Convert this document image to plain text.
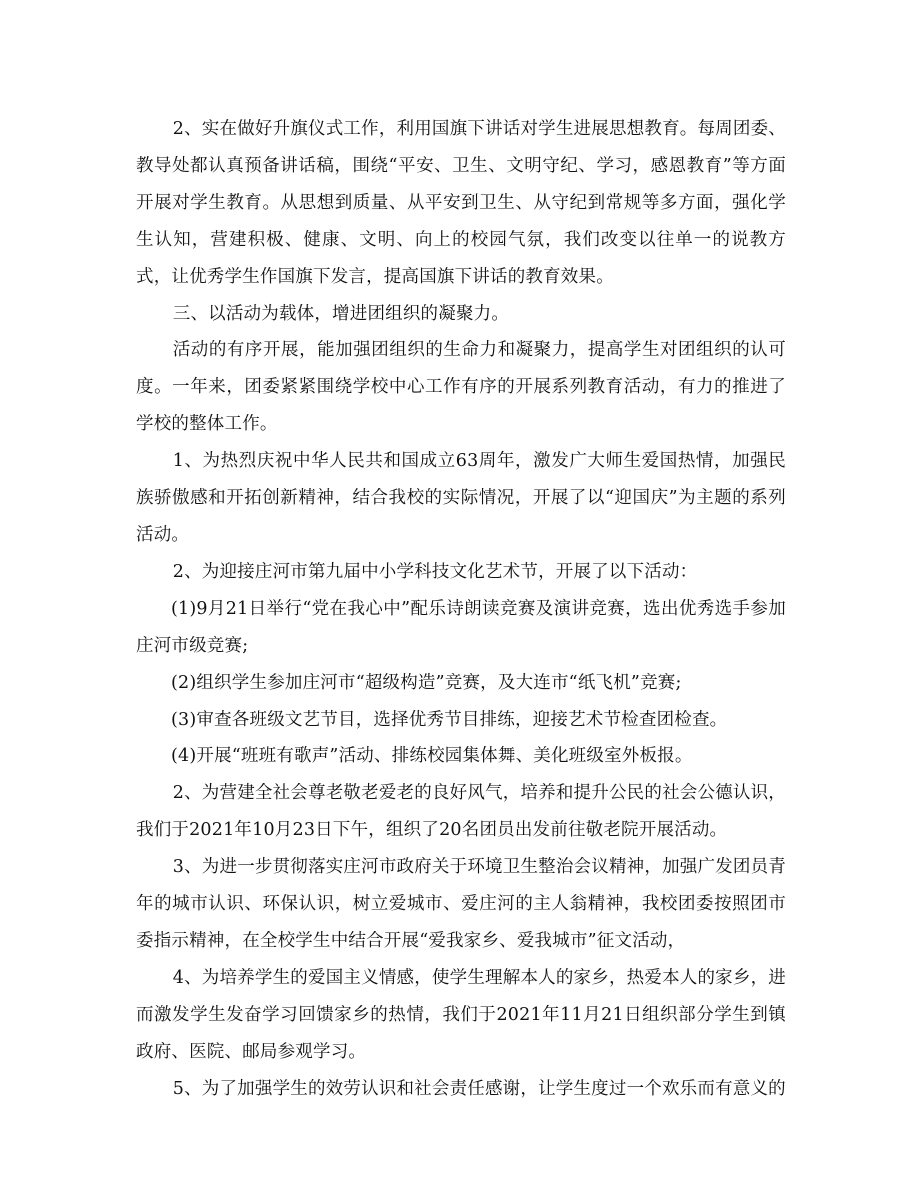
2、实在做好升旗仪式工作，利用国旗下讲话对学生进展思想教育。每周团委、教导处都认真预备讲话稿，围绕“平安、卫生、文明守纪、学习，感恩教育”等方面开展对学生教育。从思想到质量、从平安到卫生、从守纪到常规等多方面，强化学生认知，营建积极、健康、文明、向上的校园气氛，我们改变以往单一的说教方式，让优秀学生作国旗下发言，提高国旗下讲话的教育效果。

三、以活动为载体，增进团组织的凝聚力。

活动的有序开展，能加强团组织的生命力和凝聚力，提高学生对团组织的认可度。一年来，团委紧紧围绕学校中心工作有序的开展系列教育活动，有力的推进了学校的整体工作。

1、为热烈庆祝中华人民共和国成立63周年，激发广大师生爱国热情，加强民族骄傲感和开拓创新精神，结合我校的实际情况，开展了以“迎国庆”为主题的系列活动。

2、为迎接庄河市第九届中小学科技文化艺术节，开展了以下活动：

(1)9月21日举行“党在我心中”配乐诗朗读竞赛及演讲竞赛，选出优秀选手参加庄河市级竞赛;

(2)组织学生参加庄河市“超级构造”竞赛，及大连市“纸飞机”竞赛;

(3)审查各班级文艺节目，选择优秀节目排练，迎接艺术节检查团检查。

(4)开展“班班有歌声”活动、排练校园集体舞、美化班级室外板报。

2、为营建全社会尊老敬老爱老的良好风气，培养和提升公民的社会公德认识，我们于2021年10月23日下午，组织了20名团员出发前往敬老院开展活动。

3、为进一步贯彻落实庄河市政府关于环境卫生整治会议精神，加强广发团员青年的城市认识、环保认识，树立爱城市、爱庄河的主人翁精神，我校团委按照团市委指示精神，在全校学生中结合开展“爱我家乡、爱我城市”征文活动，

4、为培养学生的爱国主义情感，使学生理解本人的家乡，热爱本人的家乡，进而激发学生发奋学习回馈家乡的热情，我们于2021年11月21日组织部分学生到镇政府、医院、邮局参观学习。

5、为了加强学生的效劳认识和社会责任感谢，让学生度过一个欢乐而有意义的
